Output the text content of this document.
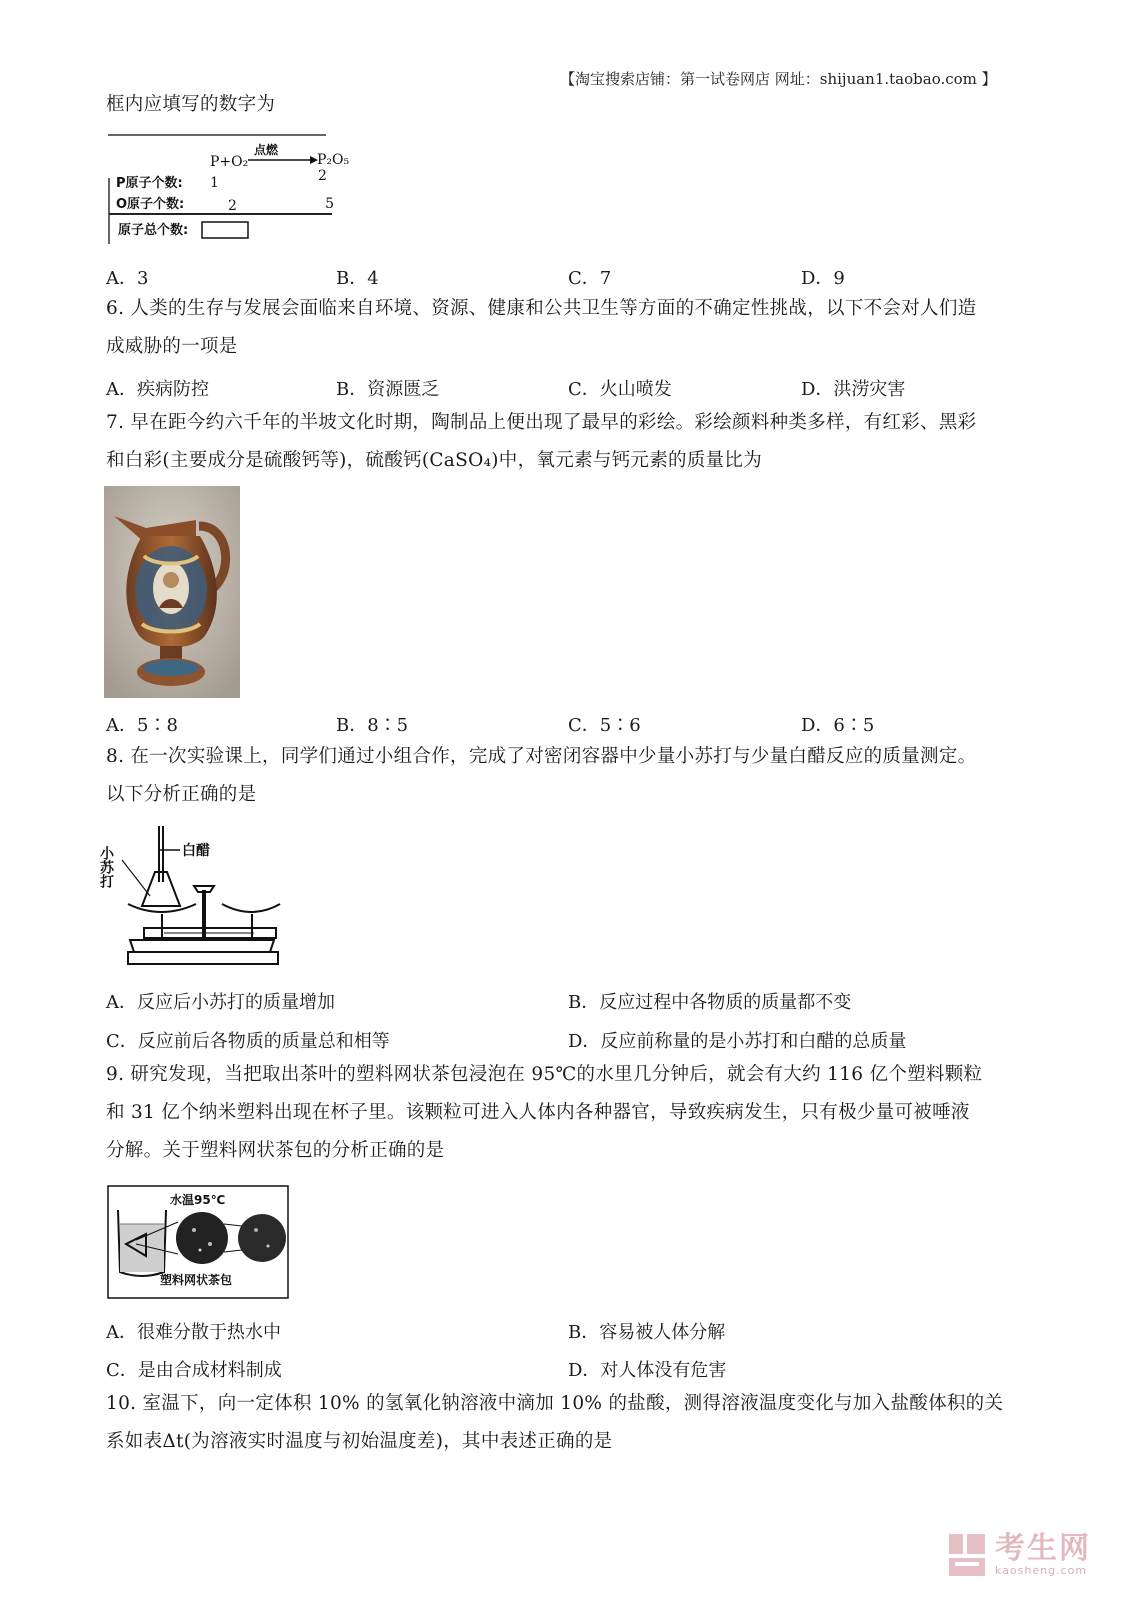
【淘宝搜索店铺：第一试卷网店 网址：shijuan1.taobao.com 】
框内应填写的数字为
P+O₂
点燃
P₂O₅
2
P原子个数: 1
O原子个数:	2	5
原子总个数:
A．3	B．4	C．7	D．9
6. 人类的生存与发展会面临来自环境、资源、健康和公共卫生等方面的不确定性挑战，以下不会对人们造
成威胁的一项是
A．疾病防控	B．资源匮乏	C．火山喷发	D．洪涝灾害
7. 早在距今约六千年的半坡文化时期，陶制品上便出现了最早的彩绘。彩绘颜料种类多样，有红彩、黑彩
和白彩(主要成分是硫酸钙等)，硫酸钙(CaSO₄)中，氧元素与钙元素的质量比为
A．5∶8	B．8∶5	C．5∶6	D．6∶5
8. 在一次实验课上，同学们通过小组合作，完成了对密闭容器中少量小苏打与少量白醋反应的质量测定。
以下分析正确的是
小苏打	白醋
A．反应后小苏打的质量增加	B．反应过程中各物质的质量都不变
C．反应前后各物质的质量总和相等	D．反应前称量的是小苏打和白醋的总质量
9. 研究发现，当把取出茶叶的塑料网状茶包浸泡在 95℃的水里几分钟后，就会有大约 116 亿个塑料颗粒
和 31 亿个纳米塑料出现在杯子里。该颗粒可进入人体内各种器官，导致疾病发生，只有极少量可被唾液
分解。关于塑料网状茶包的分析正确的是
水温95℃
塑料网状茶包
A．很难分散于热水中	B．容易被人体分解
C．是由合成材料制成	D．对人体没有危害
10. 室温下，向一定体积 10% 的氢氧化钠溶液中滴加 10% 的盐酸，测得溶液温度变化与加入盐酸体积的关
系如表Δt(为溶液实时温度与初始温度差)，其中表述正确的是
考生网
kaosheng.com
